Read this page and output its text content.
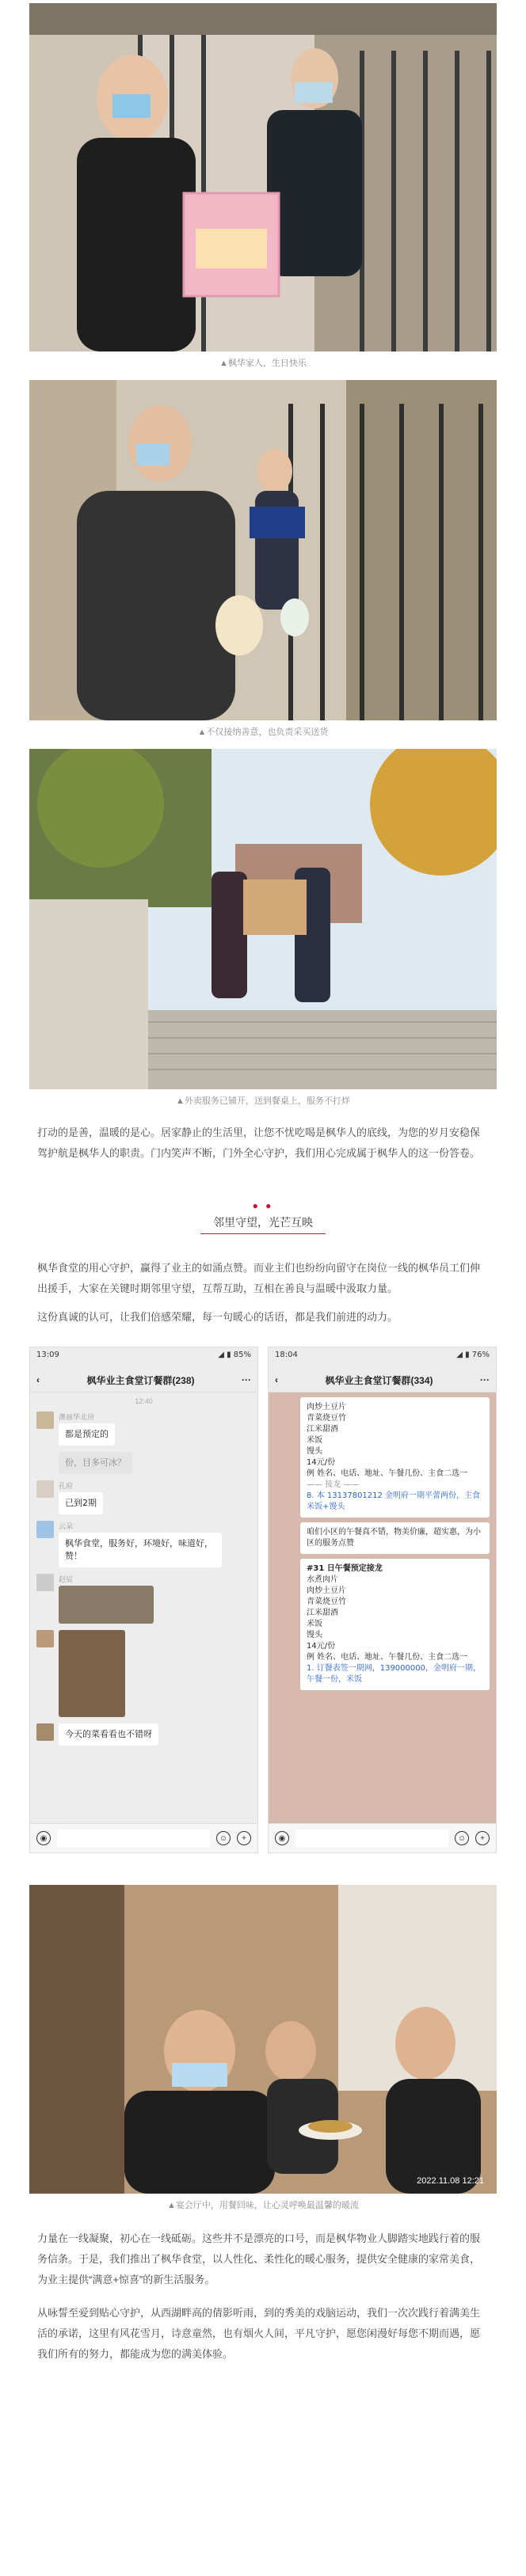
▲枫华家人，生日快乐
▲不仅接纳善意，也负责采买送货
▲外卖服务已铺开，送到餐桌上，服务不打烊

打动的是善，温暖的是心。居家静止的生活里，让您不忧吃喝是枫华人的底线，为您的岁月安稳保驾护航是枫华人的职责。门内笑声不断，门外全心守护，我们用心完成属于枫华人的这一份答卷。

● ●
邻里守望，光芒互映

枫华食堂的用心守护，赢得了业主的如涌点赞。而业主们也纷纷向留守在岗位一线的枫华员工们伸出援手，大家在关键时期邻里守望，互帮互助，互相在善良与温暖中汲取力量。

这份真诚的认可，让我们倍感荣耀，每一句暖心的话语，都是我们前进的动力。

13:09	◢ ▮ 85%
‹	枫华业主食堂订餐群(238)	···
12:40
澳丽华北房
都是预定的
份，目多可冰？
孔府
已到2期
云朵
枫华食堂，服务好，环境好，味道好，赞！
赵辰
今天的菜看看也不错呀
◉	☺	+
18:04	◢ ▮ 76%
‹	枫华业主食堂订餐群(334)	···
肉炒土豆片
青菜烧豆竹
江米甜酒
米饭
馒头
14元/份
例 姓名、电话、地址、午餐几份、主食二选一
—— 接龙 ——
8. 本 13137801212 金明府一期平蕾两份，主食米饭+馒头
咱们小区的午餐真不错，物美价廉，超实惠，为小区的服务点赞
#31 日午餐预定接龙
水煮肉片
肉炒土豆片
青菜烧豆竹
江米甜酒
米饭
馒头
14元/份
例 姓名、电话、地址、午餐几份、主食二选一
1. 订餐表签一期网，139000000，金明府一期，午餐一份，米饭
◉	☺	+
2022.11.08 12:21
▲宴会厅中，用餐回味，让心灵呼唤最温馨的暖流

力量在一线凝聚，初心在一线砥砺。这些并不是漂亮的口号，而是枫华物业人脚踏实地践行着的服务信条。于是，我们推出了枫华食堂，以人性化、柔性化的暖心服务，提供安全健康的家常美食，为业主提供“满意+惊喜”的新生活服务。

从咏誓至爱到贴心守护，从西湖畔高的倩影听雨，到的秀美的戏脑运动，我们一次次践行着满美生活的承诺，这里有风花雪月，诗意童然，也有烟火人间，平凡守护，愿您闲漫好每您不期而遇，愿我们所有的努力，都能成为您的满美体验。
